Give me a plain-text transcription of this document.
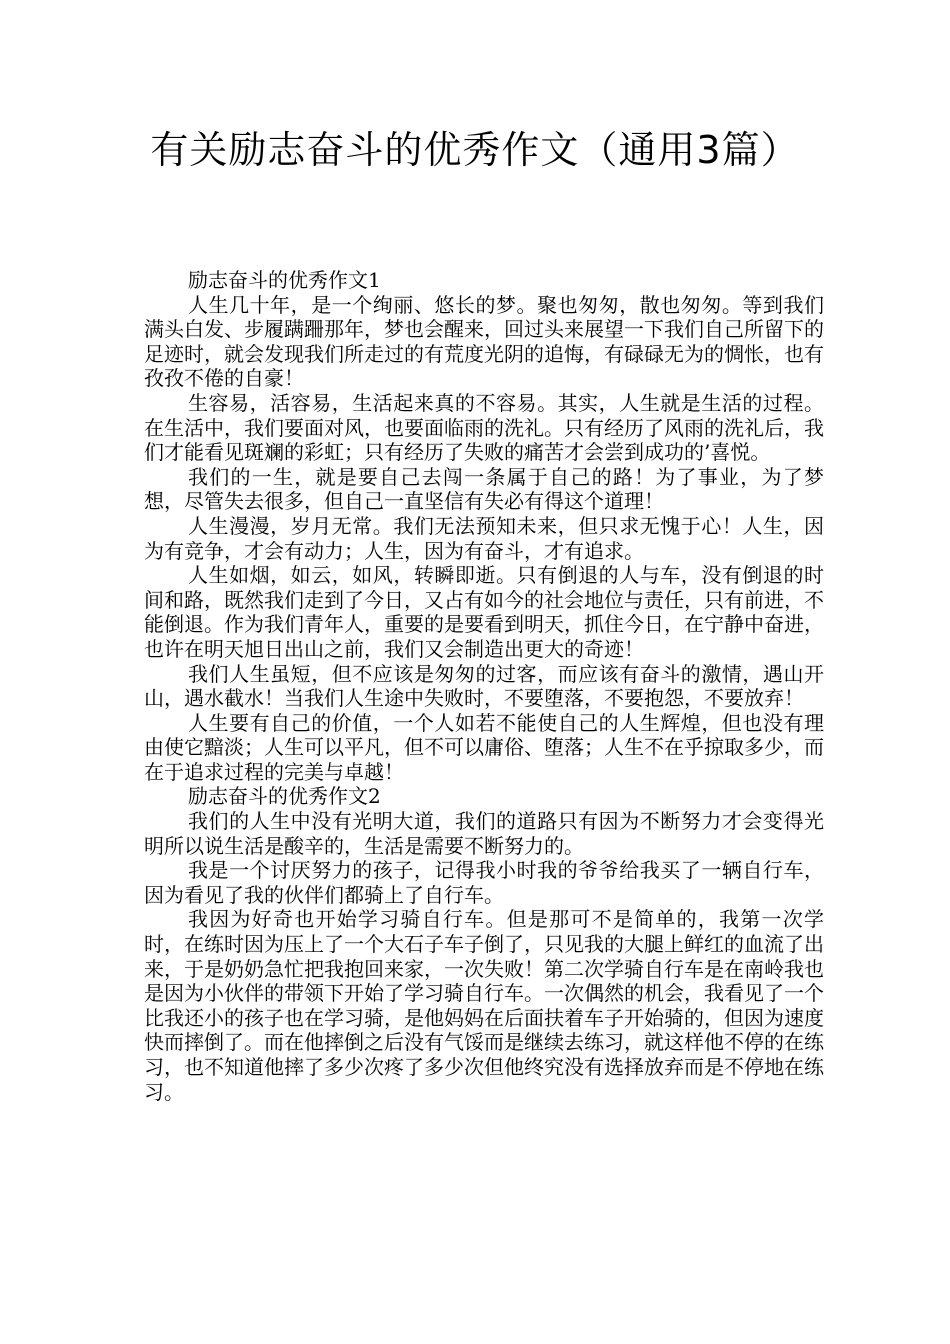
有关励志奋斗的优秀作文（通用3篇）

励志奋斗的优秀作文1

人生几十年，是一个绚丽、悠长的梦。聚也匆匆，散也匆匆。等到我们满头白发、步履蹒跚那年，梦也会醒来，回过头来展望一下我们自己所留下的足迹时，就会发现我们所走过的有荒度光阴的追悔，有碌碌无为的惆怅，也有孜孜不倦的自豪！

生容易，活容易，生活起来真的不容易。其实，人生就是生活的过程。在生活中，我们要面对风，也要面临雨的洗礼。只有经历了风雨的洗礼后，我们才能看见斑斓的彩虹；只有经历了失败的痛苦才会尝到成功的’喜悦。

我们的一生，就是要自己去闯一条属于自己的路！为了事业，为了梦想，尽管失去很多，但自己一直坚信有失必有得这个道理！

人生漫漫，岁月无常。我们无法预知未来，但只求无愧于心！人生，因为有竞争，才会有动力；人生，因为有奋斗，才有追求。

人生如烟，如云，如风，转瞬即逝。只有倒退的人与车，没有倒退的时间和路，既然我们走到了今日，又占有如今的社会地位与责任，只有前进，不能倒退。作为我们青年人，重要的是要看到明天，抓住今日，在宁静中奋进，也许在明天旭日出山之前，我们又会制造出更大的奇迹！

我们人生虽短，但不应该是匆匆的过客，而应该有奋斗的激情，遇山开山，遇水截水！当我们人生途中失败时，不要堕落，不要抱怨，不要放弃！

人生要有自己的价值，一个人如若不能使自己的人生辉煌，但也没有理由使它黯淡；人生可以平凡，但不可以庸俗、堕落；人生不在乎掠取多少，而在于追求过程的完美与卓越！

励志奋斗的优秀作文2

我们的人生中没有光明大道，我们的道路只有因为不断努力才会变得光明所以说生活是酸辛的，生活是需要不断努力的。

我是一个讨厌努力的孩子，记得我小时我的爷爷给我买了一辆自行车，因为看见了我的伙伴们都骑上了自行车。

我因为好奇也开始学习骑自行车。但是那可不是简单的，我第一次学时，在练时因为压上了一个大石子车子倒了，只见我的大腿上鲜红的血流了出来，于是奶奶急忙把我抱回来家，一次失败！第二次学骑自行车是在南岭我也是因为小伙伴的带领下开始了学习骑自行车。一次偶然的机会，我看见了一个比我还小的孩子也在学习骑，是他妈妈在后面扶着车子开始骑的，但因为速度快而摔倒了。而在他摔倒之后没有气馁而是继续去练习，就这样他不停的在练习，也不知道他摔了多少次疼了多少次但他终究没有选择放弃而是不停地在练习。
